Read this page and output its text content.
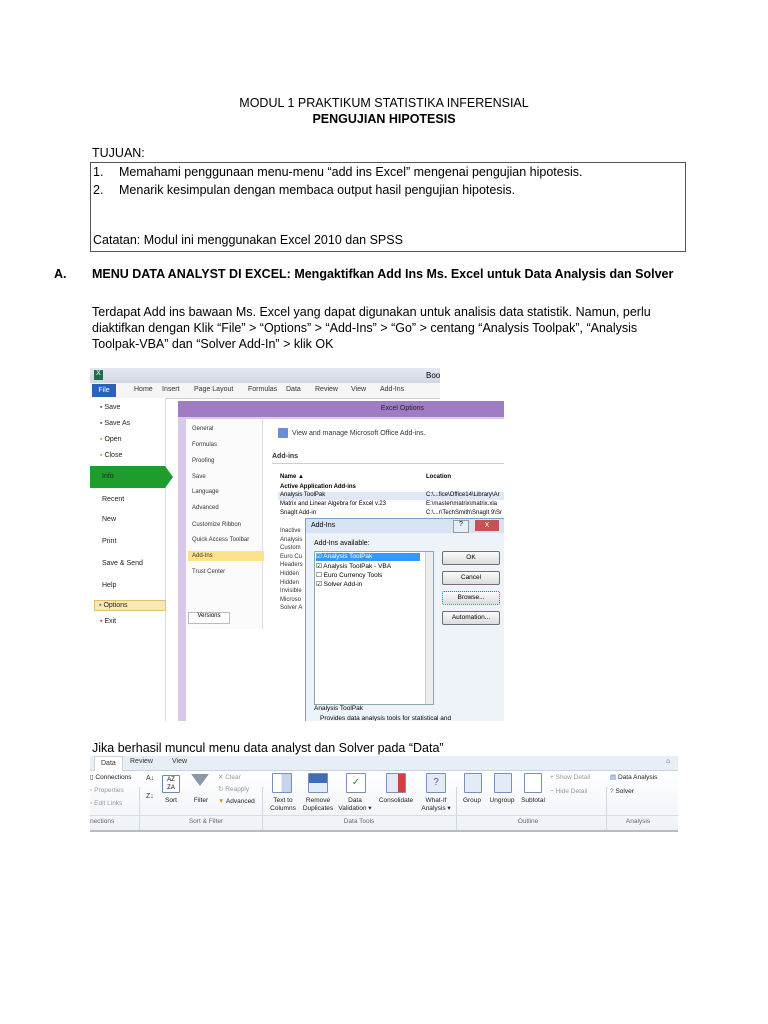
MODUL 1 PRAKTIKUM STATISTIKA INFERENSIAL
PENGUJIAN HIPOTESIS
TUJUAN:
1. Memahami penggunaan menu-menu “add ins Excel” mengenai pengujian hipotesis.
2. Menarik kesimpulan dengan membaca output hasil pengujian hipotesis.
Catatan: Modul ini menggunakan Excel 2010 dan SPSS
A. MENU DATA ANALYST DI EXCEL: Mengaktifkan Add Ins Ms. Excel untuk Data Analysis dan Solver
Terdapat Add ins bawaan Ms. Excel yang dapat digunakan untuk analisis data statistik. Namun, perlu
diaktifkan dengan Klik “File” > “Options” > “Add-Ins” > “Go” > centang “Analysis Toolpak”, “Analysis
Toolpak-VBA” dan “Solver Add-In” > klik OK
X	Boo
Home Insert Page Layout Formulas Data Review View Add-Ins
File
▪ Save
▪ Save As
▪ Open
▪ Close
Info
Recent
New
Print
Save & Send
Help
▪ Options
▪ Exit
Excel Options
General
Formulas
Proofing
Save
Language
Advanced
Customize Ribbon
Quick Access Toolbar
Add-Ins
Trust Center
Versions
View and manage Microsoft Office Add-ins.
Add-ins
Name ▲	Location
Active Application Add-ins
Analysis ToolPak	C:\...fice\Office14\Library\Ar
Matrix and Linear Algebra for Excel v.23	E:\master\matrix\matrix.xla
SnagIt Add-in	C:\...r\TechSmith\SnagIt 9\Sr
Inactive
Analysis
Custom
Euro Cu
Headers
Hidden
Hidden
Invisible
Microso
Solver A
Add-Ins	?	X
Add-Ins available:
☑ Analysis ToolPak
☑ Analysis ToolPak - VBA
☐ Euro Currency Tools
☑ Solver Add-in
OK
Cancel
Browse...
Automation...
Analysis ToolPak
Provides data analysis tools for statistical and
Jika berhasil muncul menu data analyst dan Solver pada “Data”
Data	Review	View	⌂
▯ Connections
▫ Properties
▫ Edit Links
A↓
Z↓
AZ
ZA
Sort	Filter
✕ Clear
↻ Reapply
▼ Advanced	Text to
Columns
Remove
Duplicates
✓
Data
Validation ▾
Consolidate
?
What-If
Analysis ▾
Group	Ungroup	Subtotal
+ Show Detail
− Hide Detail
▤ Data Analysis
? Solver
nections	Sort & Filter	Data Tools	Outline	Analysis
